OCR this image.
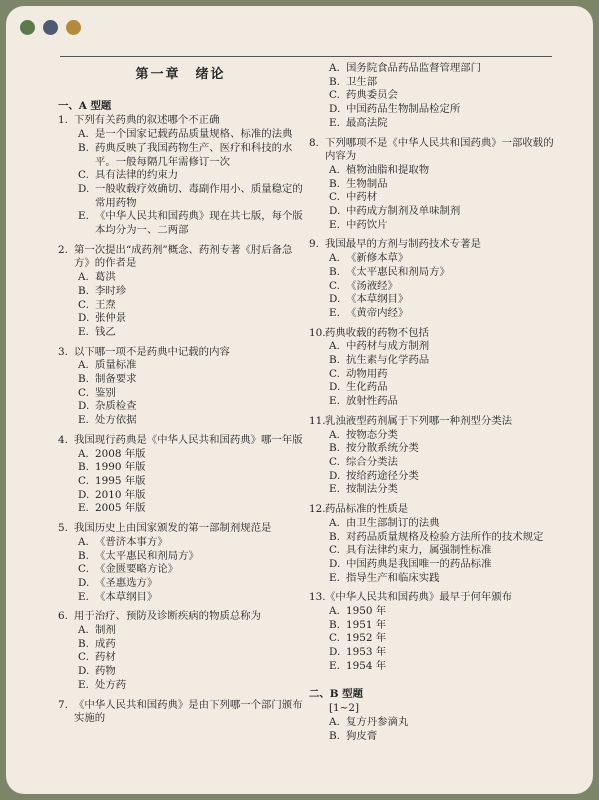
第一章　绪论
一、A 型题
1. 下列有关药典的叙述哪个不正确
A. 是一个国家记载药品质量规格、标准的法典
B. 药典反映了我国药物生产、医疗和科技的水平。一般每隔几年需修订一次
C. 具有法律的约束力
D. 一般收载疗效确切、毒副作用小、质量稳定的常用药物
E. 《中华人民共和国药典》现在共七版，每个版本均分为一、二两部
2. 第一次提出“成药剂”概念、药剂专著《肘后备急方》的作者是
A. 葛洪
B. 李时珍
C. 王焘
D. 张仲景
E. 钱乙
3. 以下哪一项不是药典中记载的内容
A. 质量标准
B. 制备要求
C. 鉴别
D. 杂质检查
E. 处方依据
4. 我国现行药典是《中华人民共和国药典》哪一年版
A. 2008 年版
B. 1990 年版
C. 1995 年版
D. 2010 年版
E. 2005 年版
5. 我国历史上由国家颁发的第一部制剂规范是
A. 《普济本事方》
B. 《太平惠民和剂局方》
C. 《金匮要略方论》
D. 《圣惠选方》
E. 《本草纲目》
6. 用于治疗、预防及诊断疾病的物质总称为
A. 制剂
B. 成药
C. 药材
D. 药物
E. 处方药
7. 《中华人民共和国药典》是由下列哪一个部门颁布实施的
A. 国务院食品药品监督管理部门
B. 卫生部
C. 药典委员会
D. 中国药品生物制品检定所
E. 最高法院
8. 下列哪项不是《中华人民共和国药典》一部收载的内容为
A. 植物油脂和提取物
B. 生物制品
C. 中药材
D. 中药成方制剂及单味制剂
E. 中药饮片
9. 我国最早的方剂与制药技术专著是
A. 《新修本草》
B. 《太平惠民和剂局方》
C. 《汤液经》
D. 《本草纲目》
E. 《黄帝内经》
10. 药典收载的药物不包括
A. 中药材与成方制剂
B. 抗生素与化学药品
C. 动物用药
D. 生化药品
E. 放射性药品
11. 乳浊液型药剂属于下列哪一种剂型分类法
A. 按物态分类
B. 按分散系统分类
C. 综合分类法
D. 按给药途径分类
E. 按制法分类
12. 药品标准的性质是
A. 由卫生部制订的法典
B. 对药品质量规格及检验方法所作的技术规定
C. 具有法律约束力，属强制性标准
D. 中国药典是我国唯一的药品标准
E. 指导生产和临床实践
13. 《中华人民共和国药典》最早于何年颁布
A. 1950 年
B. 1951 年
C. 1952 年
D. 1953 年
E. 1954 年
二、B 型题
[1~2]
A. 复方丹参滴丸
B. 狗皮膏
